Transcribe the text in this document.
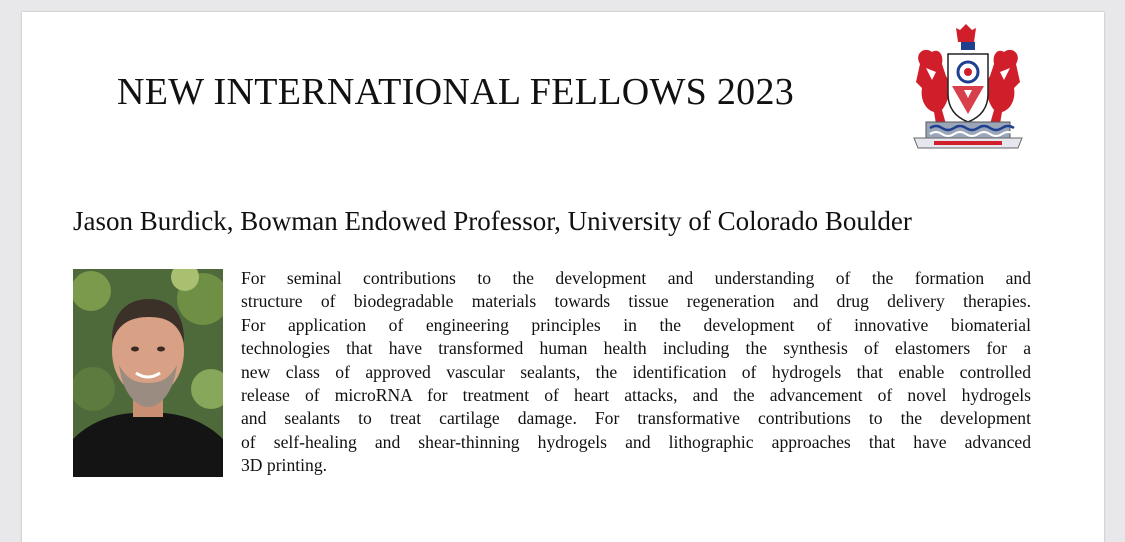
NEW INTERNATIONAL FELLOWS 2023
Jason Burdick, Bowman Endowed Professor, University of Colorado Boulder
For seminal contributions to the development and understanding of the formation and
structure of biodegradable materials towards tissue regeneration and drug delivery therapies.
For application of engineering principles in the development of innovative biomaterial
technologies that have transformed human health including the synthesis of elastomers for a
new class of approved vascular sealants, the identification of hydrogels that enable controlled
release of microRNA for treatment of heart attacks, and the advancement of novel hydrogels
and sealants to treat cartilage damage. For transformative contributions to the development
of self-healing and shear-thinning hydrogels and lithographic approaches that have advanced
3D printing.
